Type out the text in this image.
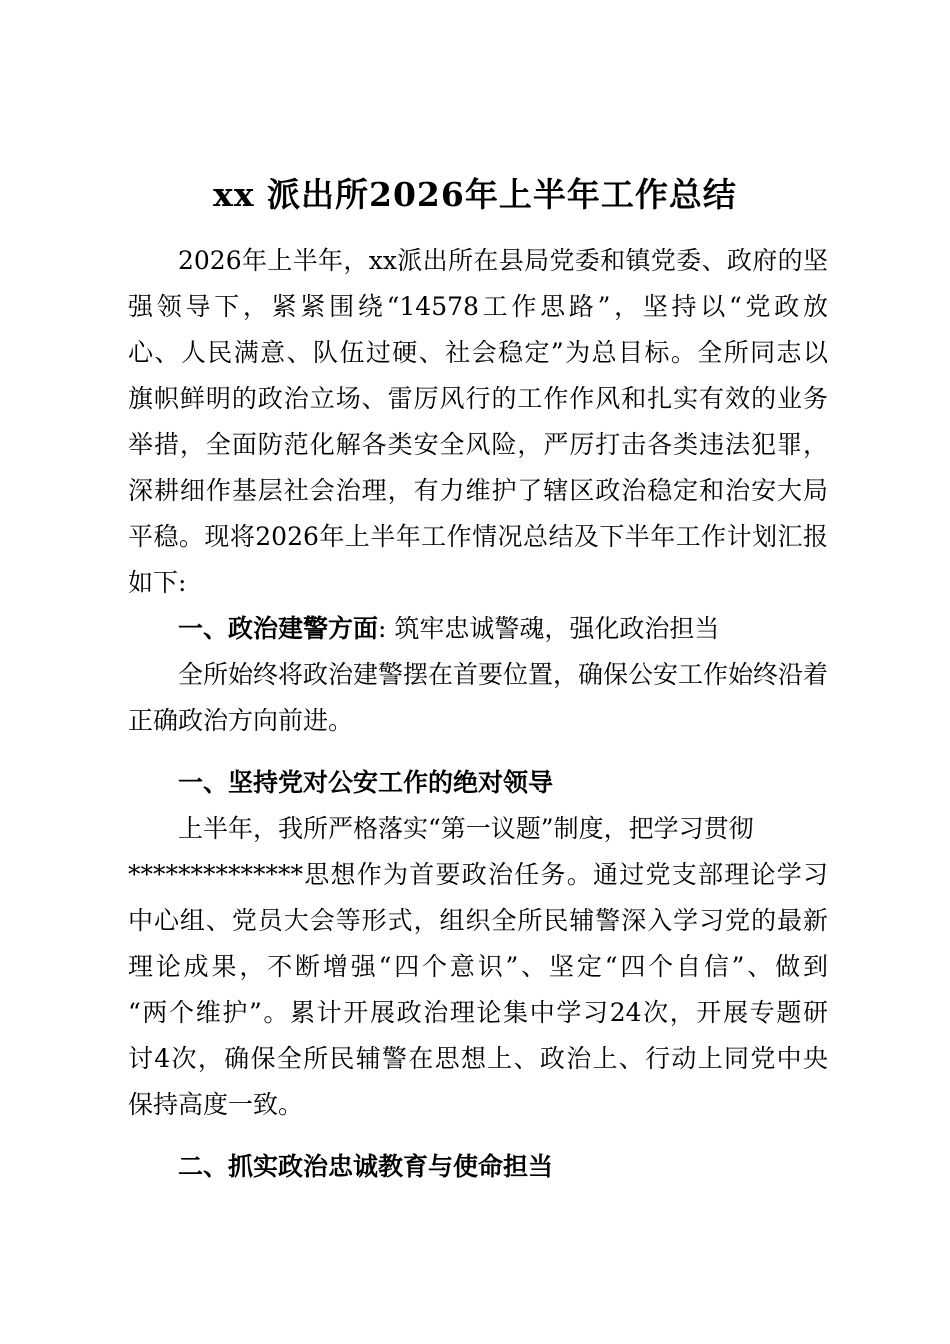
xx 派出所2026年上半年工作总结
2026年上半年，xx派出所在县局党委和镇党委、政府的坚
强领导下，紧紧围绕“14578工作思路”，坚持以“党政放
心、人民满意、队伍过硬、社会稳定”为总目标。全所同志以
旗帜鲜明的政治立场、雷厉风行的工作作风和扎实有效的业务
举措，全面防范化解各类安全风险，严厉打击各类违法犯罪，
深耕细作基层社会治理，有力维护了辖区政治稳定和治安大局
平稳。现将2026年上半年工作情况总结及下半年工作计划汇报
如下:
一、政治建警方面: 筑牢忠诚警魂，强化政治担当
全所始终将政治建警摆在首要位置，确保公安工作始终沿着
正确政治方向前进。
一、坚持党对公安工作的绝对领导
上半年，我所严格落实“第一议题”制度，把学习贯彻
**************思想作为首要政治任务。通过党支部理论学习
中心组、党员大会等形式，组织全所民辅警深入学习党的最新
理论成果，不断增强“四个意识”、坚定“四个自信”、做到
“两个维护”。累计开展政治理论集中学习24次，开展专题研
讨4次，确保全所民辅警在思想上、政治上、行动上同党中央
保持高度一致。
二、抓实政治忠诚教育与使命担当
